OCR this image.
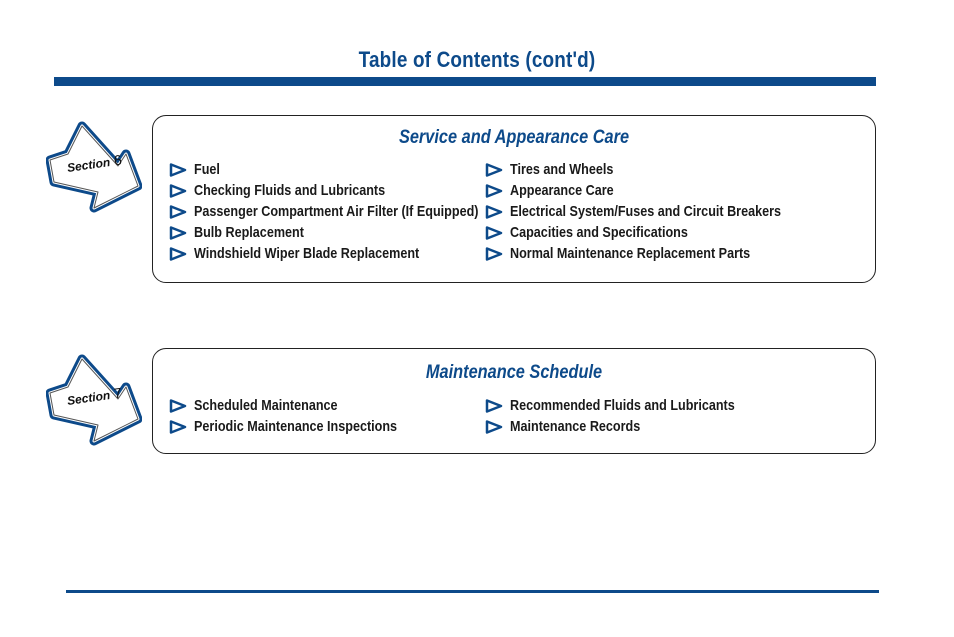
Table of Contents (cont'd)
Section 6
Service and Appearance Care
Fuel
Checking Fluids and Lubricants
Passenger Compartment Air Filter (If Equipped)
Bulb Replacement
Windshield Wiper Blade Replacement
Tires and Wheels
Appearance Care
Electrical System/Fuses and Circuit Breakers
Capacities and Specifications
Normal Maintenance Replacement Parts
Section 7
Maintenance Schedule
Scheduled Maintenance
Periodic Maintenance Inspections
Recommended Fluids and Lubricants
Maintenance Records
